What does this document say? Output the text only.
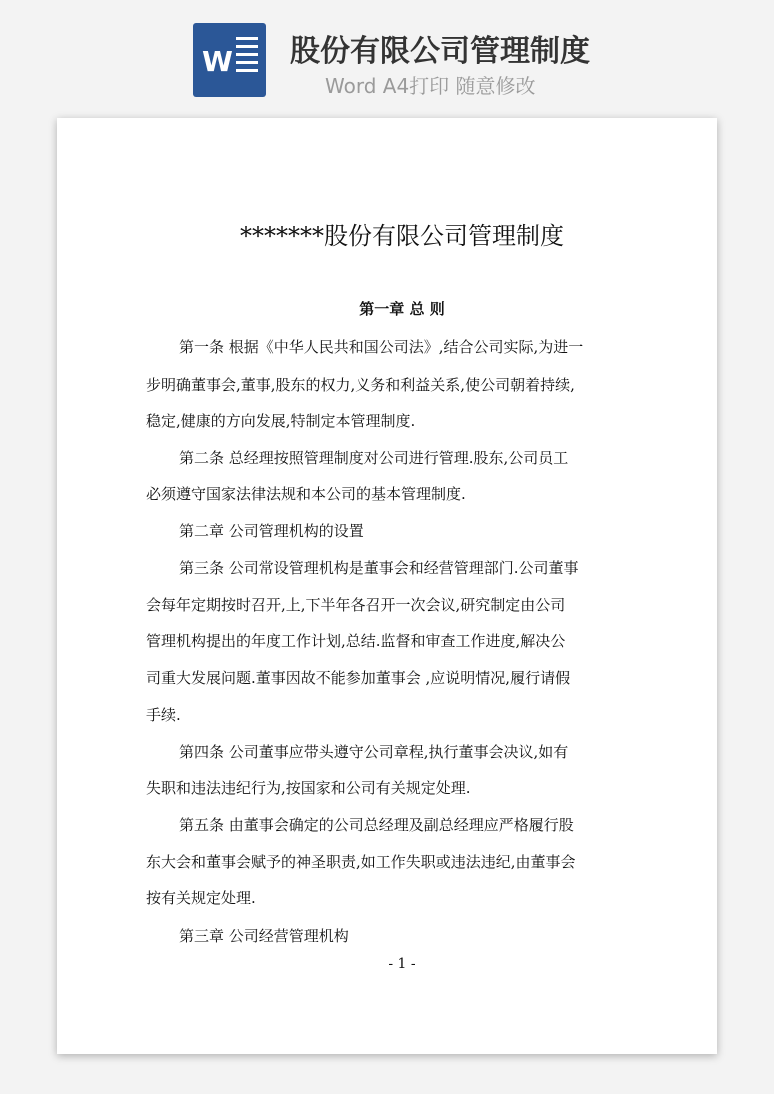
W 股份有限公司管理制度
Word A4打印 随意修改
*******股份有限公司管理制度
第一章 总 则
第一条 根据《中华人民共和国公司法》,结合公司实际,为进一
步明确董事会,董事,股东的权力,义务和利益关系,使公司朝着持续,
稳定,健康的方向发展,特制定本管理制度.
第二条 总经理按照管理制度对公司进行管理.股东,公司员工
必须遵守国家法律法规和本公司的基本管理制度.
第二章 公司管理机构的设置
第三条 公司常设管理机构是董事会和经营管理部门.公司董事
会每年定期按时召开,上,下半年各召开一次会议,研究制定由公司
管理机构提出的年度工作计划,总结.监督和审查工作进度,解决公
司重大发展问题.董事因故不能参加董事会 ,应说明情况,履行请假
手续.
第四条 公司董事应带头遵守公司章程,执行董事会决议,如有
失职和违法违纪行为,按国家和公司有关规定处理.
第五条 由董事会确定的公司总经理及副总经理应严格履行股
东大会和董事会赋予的神圣职责,如工作失职或违法违纪,由董事会
按有关规定处理.
第三章 公司经营管理机构
- 1 -
